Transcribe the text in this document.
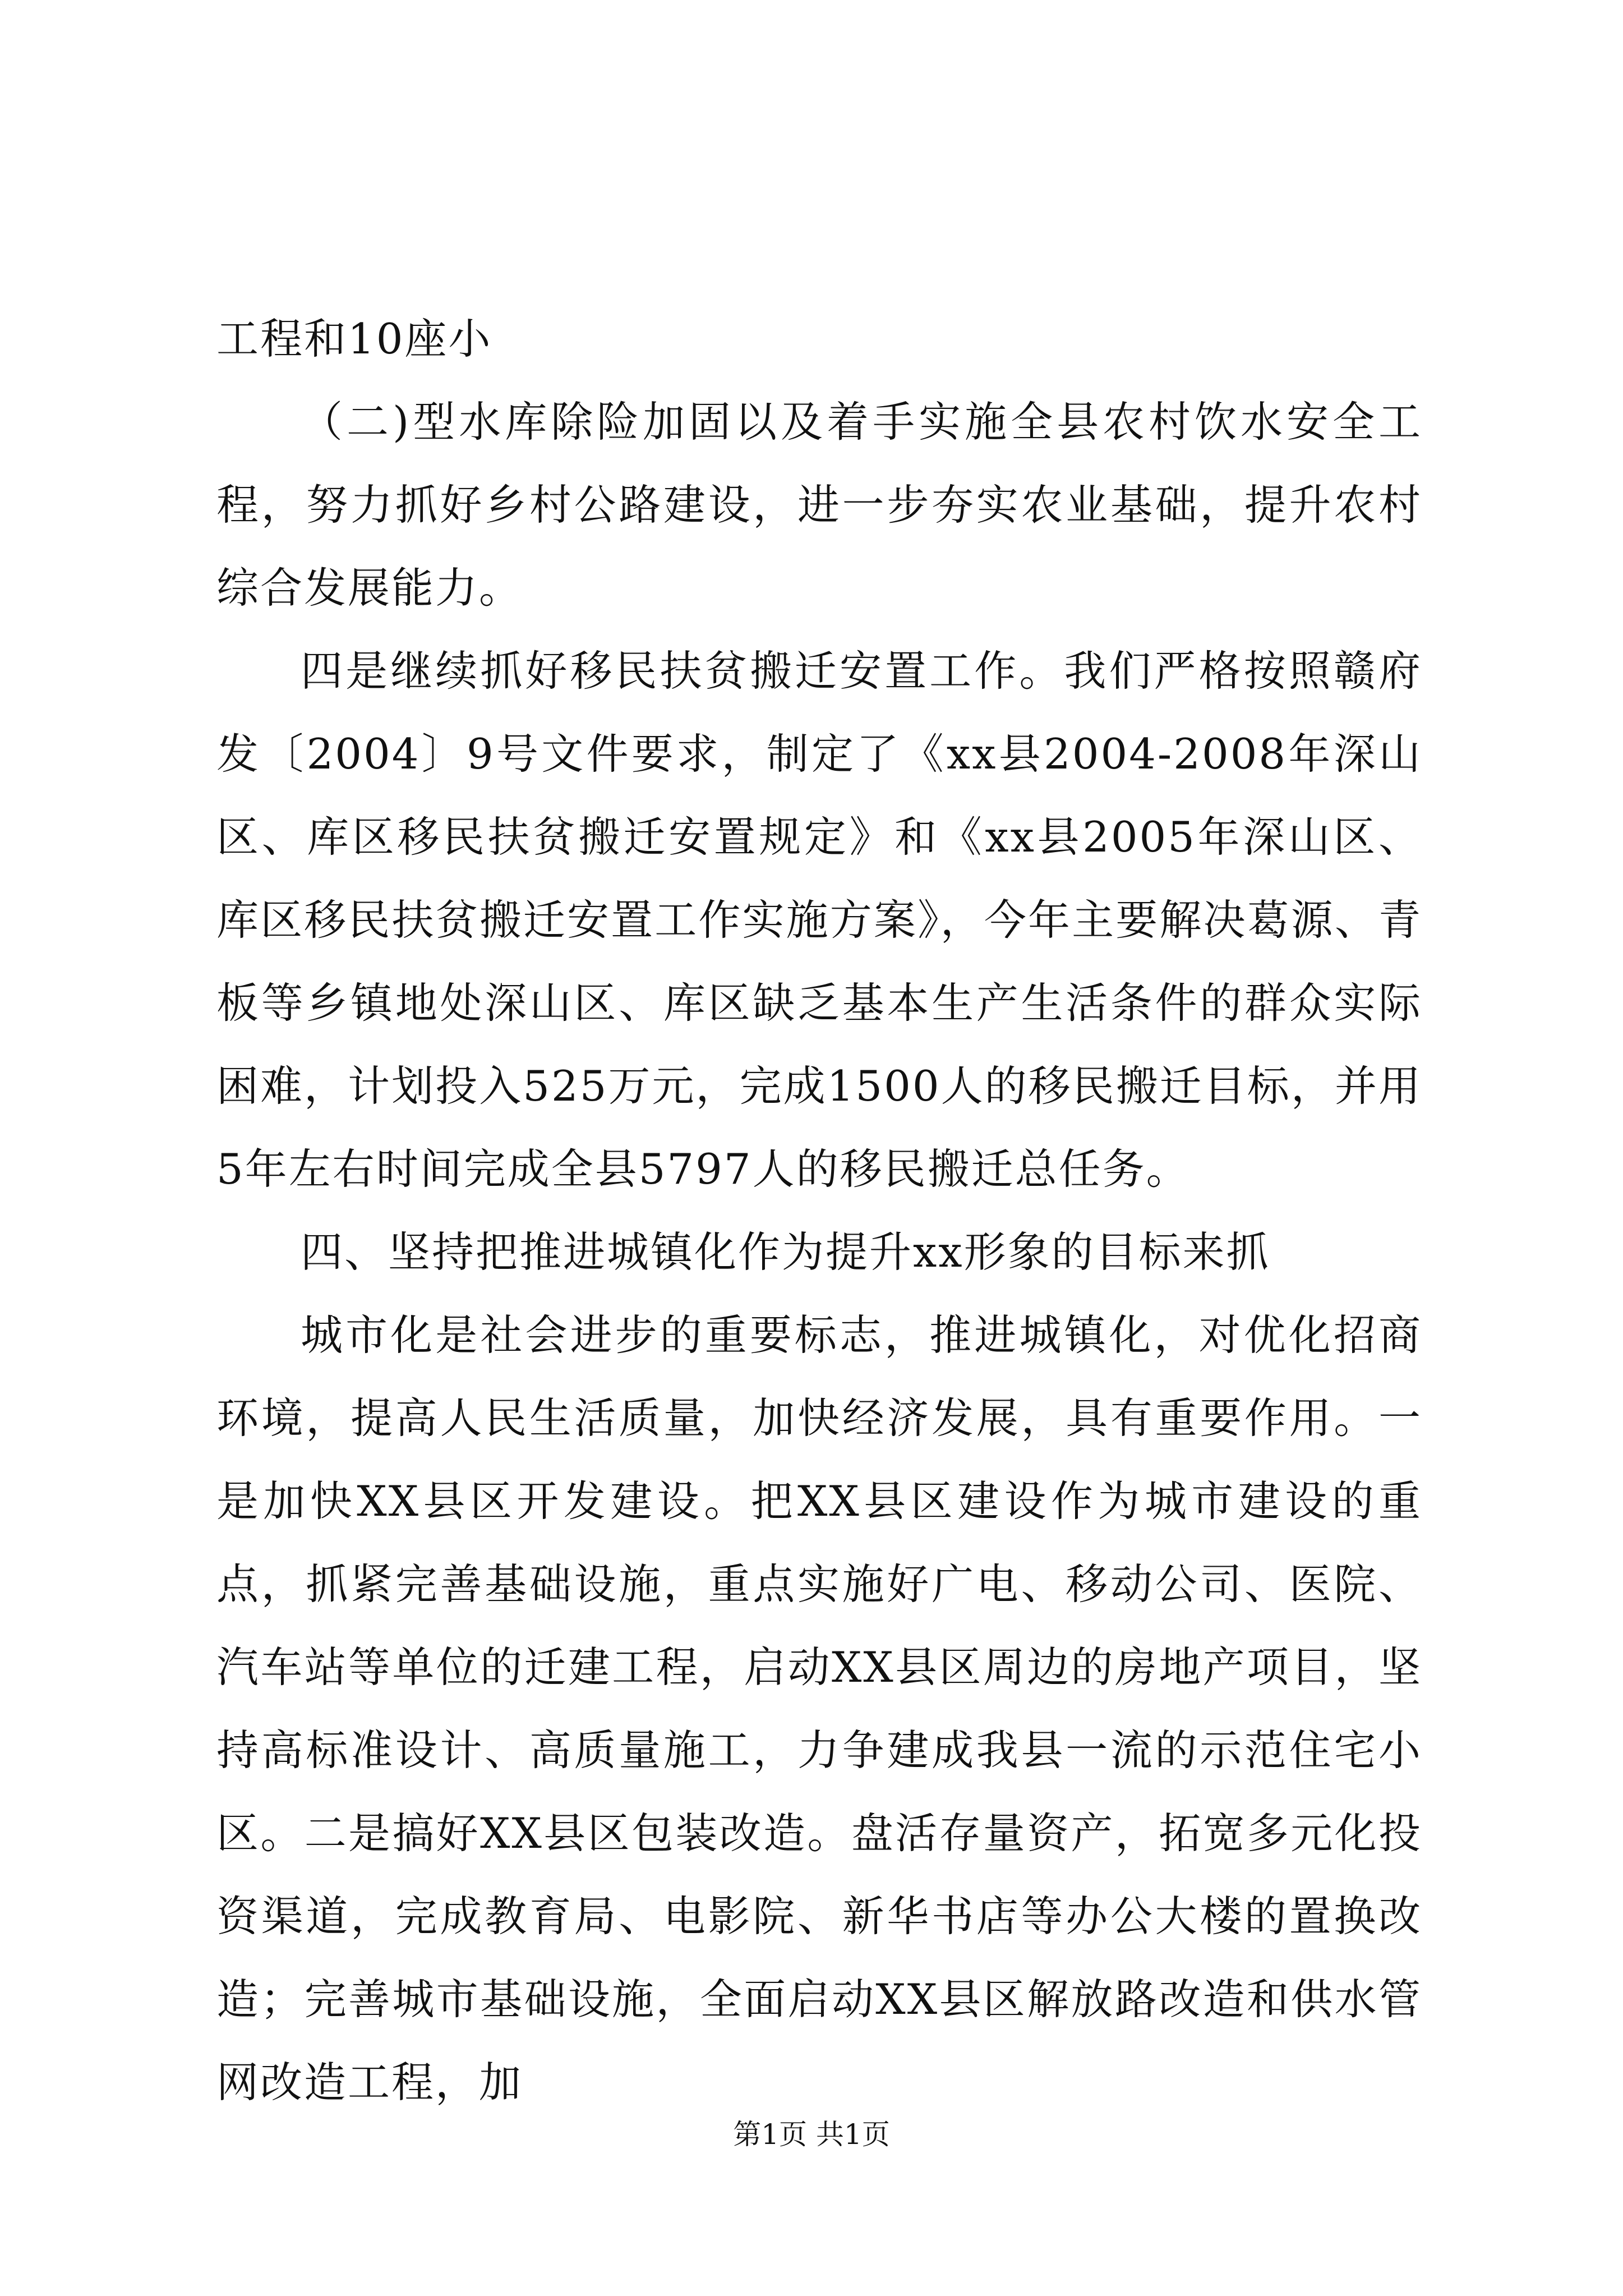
工程和10座小

（二)型水库除险加固以及着手实施全县农村饮水安全工程，努力抓好乡村公路建设，进一步夯实农业基础，提升农村综合发展能力。

四是继续抓好移民扶贫搬迁安置工作。我们严格按照赣府发〔2004〕9号文件要求，制定了《xx县2004-2008年深山区、库区移民扶贫搬迁安置规定》和《xx县2005年深山区、库区移民扶贫搬迁安置工作实施方案》，今年主要解决葛源、青板等乡镇地处深山区、库区缺乏基本生产生活条件的群众实际困难，计划投入525万元，完成1500人的移民搬迁目标，并用5年左右时间完成全县5797人的移民搬迁总任务。

四、坚持把推进城镇化作为提升xx形象的目标来抓

城市化是社会进步的重要标志，推进城镇化，对优化招商环境，提高人民生活质量，加快经济发展，具有重要作用。一是加快XX县区开发建设。把XX县区建设作为城市建设的重点，抓紧完善基础设施，重点实施好广电、移动公司、医院、汽车站等单位的迁建工程，启动XX县区周边的房地产项目，坚持高标准设计、高质量施工，力争建成我县一流的示范住宅小区。二是搞好XX县区包装改造。盘活存量资产，拓宽多元化投资渠道，完成教育局、电影院、新华书店等办公大楼的置换改造；完善城市基础设施，全面启动XX县区解放路改造和供水管网改造工程，加

第1页 共1页
